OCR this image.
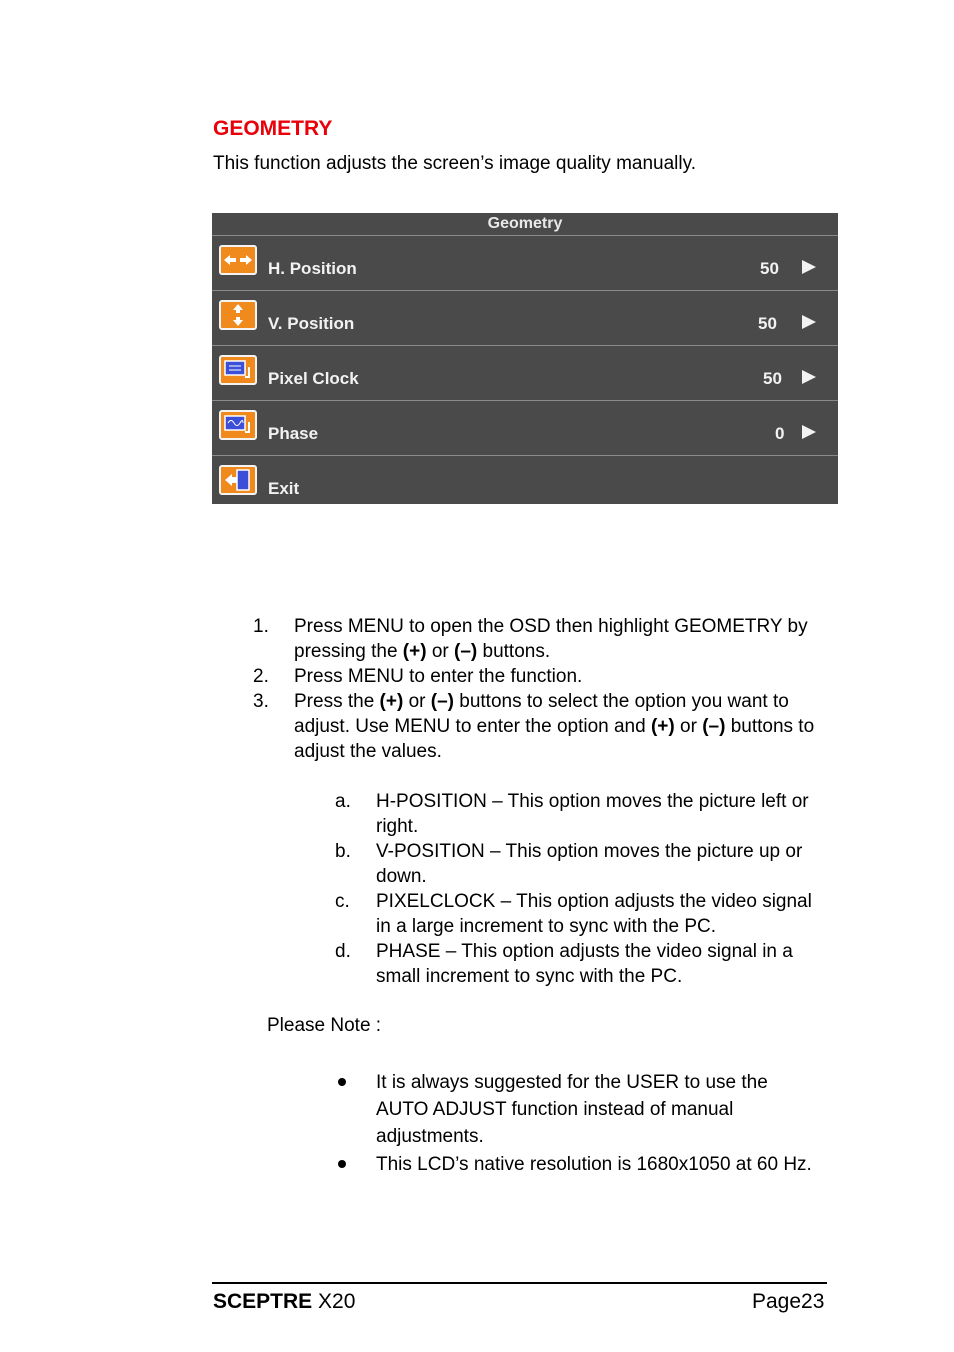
GEOMETRY
This function adjusts the screen’s image quality manually.
Geometry
H. Position	50
V. Position	50
Pixel Clock	50
Phase	0
Exit
1. Press MENU to open the OSD then highlight GEOMETRY by pressing the (+) or (–) buttons.
2. Press MENU to enter the function.
3. Press the (+) or (–) buttons to select the option you want to adjust. Use MENU to enter the option and (+) or (–) buttons to adjust the values.
a. H-POSITION – This option moves the picture left or right.
b. V-POSITION – This option moves the picture up or down.
c. PIXELCLOCK – This option adjusts the video signal in a large increment to sync with the PC.
d. PHASE – This option adjusts the video signal in a small increment to sync with the PC.
Please Note :
It is always suggested for the USER to use the AUTO ADJUST function instead of manual adjustments.
This LCD’s native resolution is 1680x1050 at 60 Hz.
SCEPTRE X20	Page23
